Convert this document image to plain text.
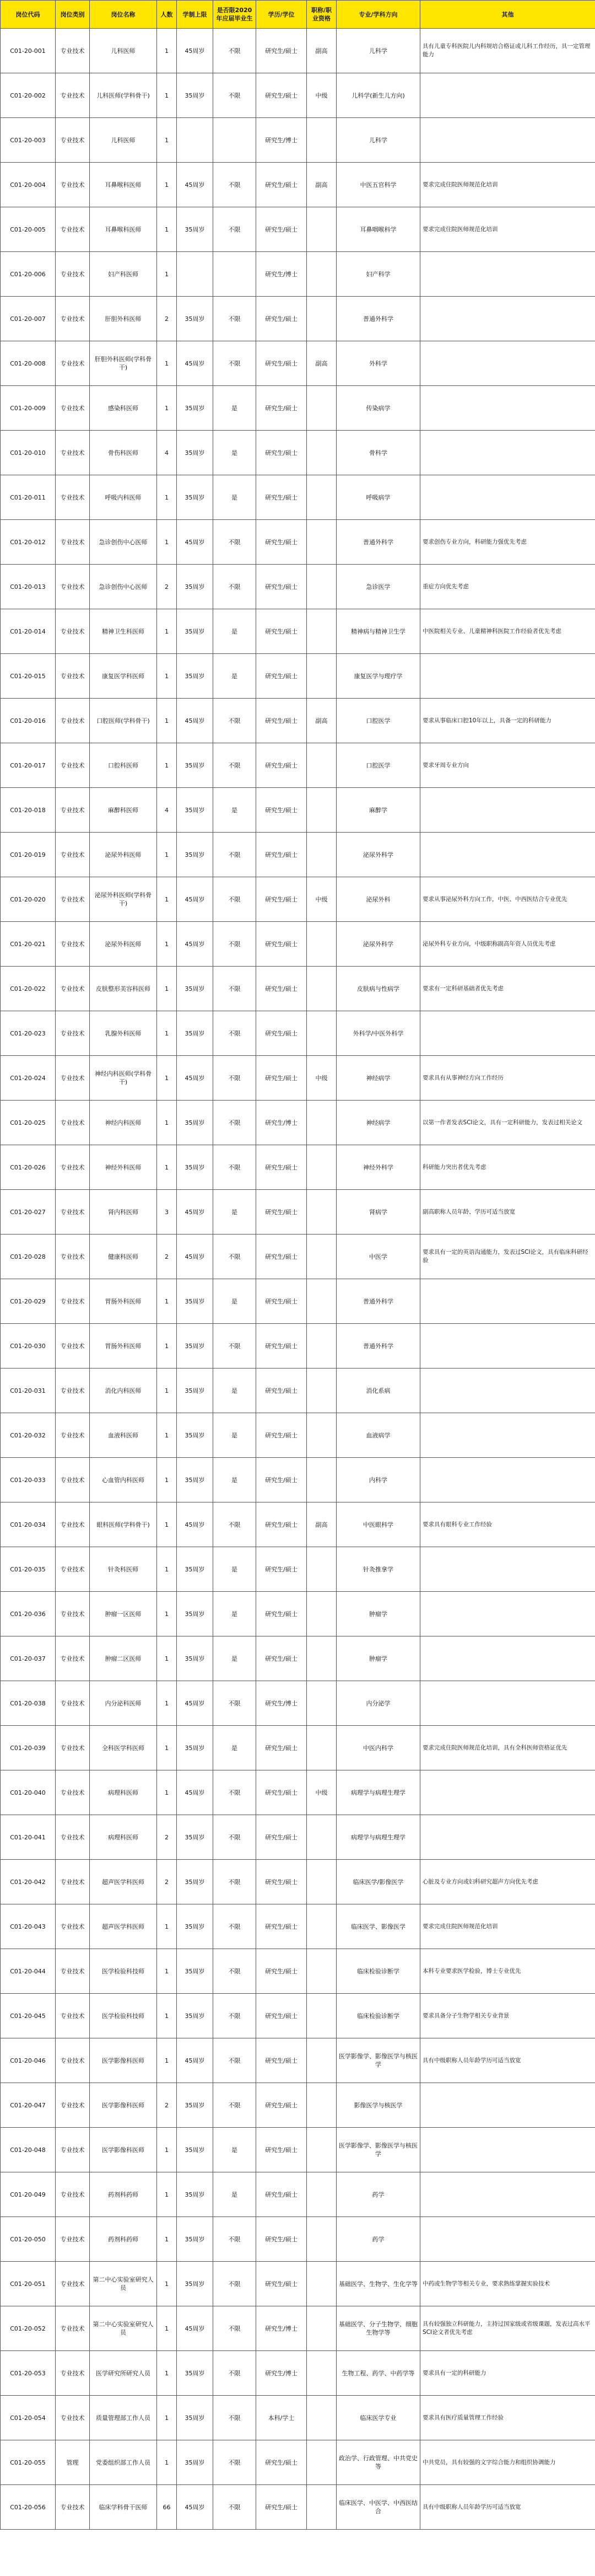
岗位代码	岗位类别	岗位名称	人数	学制上限	是否限2020年应届毕业生	学历/学位	职称/职业资格	专业/学科方向	其他
C01-20-001	专业技术	儿科医师	1	45周岁	不限	研究生/硕士	副高	儿科学	具有儿童专科医院儿内科规培合格证或儿科工作经历，具一定管理能力
C01-20-002	专业技术	儿科医师(学科骨干)	1	35周岁	不限	研究生/硕士	中级	儿科学(新生儿方向)	
C01-20-003	专业技术	儿科医师	1			研究生/博士		儿科学	
C01-20-004	专业技术	耳鼻喉科医师	1	45周岁	不限	研究生/硕士	副高	中医五官科学	要求完成住院医师规范化培训
C01-20-005	专业技术	耳鼻喉科医师	1	35周岁	不限	研究生/硕士		耳鼻咽喉科学	要求完成住院医师规范化培训
C01-20-006	专业技术	妇产科医师	1			研究生/博士		妇产科学	
C01-20-007	专业技术	肝胆外科医师	2	35周岁	不限	研究生/硕士		普通外科学	
C01-20-008	专业技术	肝胆外科医师(学科骨干)	1	45周岁	不限	研究生/硕士	副高	外科学	
C01-20-009	专业技术	感染科医师	1	35周岁	是	研究生/硕士		传染病学	
C01-20-010	专业技术	骨伤科医师	4	35周岁	是	研究生/硕士		骨科学	
C01-20-011	专业技术	呼吸内科医师	1	35周岁	是	研究生/硕士		呼吸病学	
C01-20-012	专业技术	急诊创伤中心医师	1	45周岁	不限	研究生/硕士		普通外科学	要求创伤专业方向，科研能力强优先考虑
C01-20-013	专业技术	急诊创伤中心医师	2	35周岁	不限	研究生/硕士		急诊医学	重症方向优先考虑
C01-20-014	专业技术	精神卫生科医师	1	35周岁	是	研究生/硕士		精神病与精神卫生学	中医院相关专业、儿童精神科医院工作经验者优先考虑
C01-20-015	专业技术	康复医学科医师	1	35周岁	是	研究生/硕士		康复医学与理疗学	
C01-20-016	专业技术	口腔医师(学科骨干)	1	45周岁	不限	研究生/硕士	副高	口腔医学	要求从事临床口腔10年以上，具备一定的科研能力
C01-20-017	专业技术	口腔科医师	1	35周岁	不限	研究生/硕士		口腔医学	要求牙周专业方向
C01-20-018	专业技术	麻醉科医师	4	35周岁	是	研究生/硕士		麻醉学	
C01-20-019	专业技术	泌尿外科医师	1	35周岁	不限	研究生/硕士		泌尿外科学	
C01-20-020	专业技术	泌尿外科医师(学科骨干)	1	45周岁	不限	研究生/硕士	中级	泌尿外科	要求从事泌尿外科方向工作，中医、中西医结合专业优先
C01-20-021	专业技术	泌尿外科医师	1	45周岁	不限	研究生/硕士		泌尿外科学	泌尿外科专业方向，中级职称副高年资人员优先考虑
C01-20-022	专业技术	皮肤整形美容科医师	1	35周岁	不限	研究生/硕士		皮肤病与性病学	要求有一定科研基础者优先考虑
C01-20-023	专业技术	乳腺外科医师	1	35周岁	不限	研究生/硕士		外科学/中医外科学	
C01-20-024	专业技术	神经内科医师(学科骨干)	1	45周岁	不限	研究生/硕士	中级	神经病学	要求具有从事神经方向工作经历
C01-20-025	专业技术	神经内科医师	1	35周岁	不限	研究生/博士		神经病学	以第一作者发表SCI论文，具有一定科研能力，发表过相关论文
C01-20-026	专业技术	神经外科医师	1	35周岁	不限	研究生/硕士		神经外科学	科研能力突出者优先考虑
C01-20-027	专业技术	肾内科医师	3	45周岁	是	研究生/硕士		肾病学	副高职称人员年龄、学历可适当放宽
C01-20-028	专业技术	健康科医师	2	45周岁	不限	研究生/硕士		中医学	要求具有一定的英语沟通能力，发表过SCI论文，具有临床科研经验
C01-20-029	专业技术	胃肠外科医师	1	35周岁	是	研究生/硕士		普通外科学	
C01-20-030	专业技术	胃肠外科医师	1	35周岁	不限	研究生/硕士		普通外科学	
C01-20-031	专业技术	消化内科医师	1	35周岁	是	研究生/硕士		消化系病	
C01-20-032	专业技术	血液科医师	1	35周岁	是	研究生/硕士		血液病学	
C01-20-033	专业技术	心血管内科医师	1	35周岁	是	研究生/硕士		内科学	
C01-20-034	专业技术	眼科医师(学科骨干)	1	45周岁	不限	研究生/硕士	副高	中医眼科学	要求具有眼科专业工作经验
C01-20-035	专业技术	针灸科医师	1	35周岁	是	研究生/硕士		针灸推拿学	
C01-20-036	专业技术	肿瘤一区医师	1	35周岁	是	研究生/硕士		肿瘤学	
C01-20-037	专业技术	肿瘤二区医师	1	35周岁	是	研究生/硕士		肿瘤学	
C01-20-038	专业技术	内分泌科医师	1	45周岁	不限	研究生/博士		内分泌学	
C01-20-039	专业技术	全科医学科医师	1	35周岁	是	研究生/硕士		中医内科学	要求完成住院医师规范化培训，具有全科医师资格证优先
C01-20-040	专业技术	病理科医师	1	45周岁	不限	研究生/硕士	中级	病理学与病理生理学	
C01-20-041	专业技术	病理科医师	2	35周岁	不限	研究生/硕士		病理学与病理生理学	
C01-20-042	专业技术	超声医学科医师	2	35周岁	不限	研究生/硕士		临床医学/影像医学	心脏及专业方向或妇科研究超声方向优先考虑
C01-20-043	专业技术	超声医学科医师	1	35周岁	不限	研究生/硕士		临床医学、影像医学	要求完成住院医师规范化培训
C01-20-044	专业技术	医学检验科技师	1	35周岁	不限	研究生/硕士		临床检验诊断学	本科专业要求医学检验，博士专业优先
C01-20-045	专业技术	医学检验科技师	1	35周岁	不限	研究生/硕士		临床检验诊断学	要求具备分子生物学相关专业背景
C01-20-046	专业技术	医学影像科医师	1	45周岁	不限	研究生/硕士		医学影像学、影像医学与核医学	具有中级职称人员年龄学历可适当放宽
C01-20-047	专业技术	医学影像科医师	2	35周岁	不限	研究生/硕士		影像医学与核医学	
C01-20-048	专业技术	医学影像科医师	1	35周岁	是	研究生/硕士		医学影像学、影像医学与核医学	
C01-20-049	专业技术	药剂科药师	1	35周岁	是	研究生/硕士		药学	
C01-20-050	专业技术	药剂科药师	1	35周岁	不限	研究生/硕士		药学	
C01-20-051	专业技术	第二中心实验室研究人员	1	35周岁	不限	研究生/硕士		基础医学、生物学、生化学等	中药或生物学等相关专业，要求熟练掌握实验技术
C01-20-052	专业技术	第二中心实验室研究人员	1	45周岁	不限	研究生/博士		基础医学、分子生物学、细胞生物学等	具有较强独立科研能力，主持过国家级或省级课题，发表过高水平SCI论文者优先考虑
C01-20-053	专业技术	医学研究所研究人员	1	35周岁	不限	研究生/博士		生物工程、药学、中药学等	要求具有一定的科研能力
C01-20-054	专业技术	质量管理部工作人员	1	35周岁	不限	本科/学士		临床医学专业	要求具有医疗质量管理工作经验
C01-20-055	管理	党委组织部工作人员	1	35周岁	不限	研究生/硕士		政治学、行政管理、中共党史等	中共党员，具有较强的文字综合能力和组织协调能力
C01-20-056	专业技术	临床学科骨干医师	66	45周岁	不限	研究生/硕士		临床医学、中医学、中西医结合	具有中级职称人员年龄学历可适当放宽
